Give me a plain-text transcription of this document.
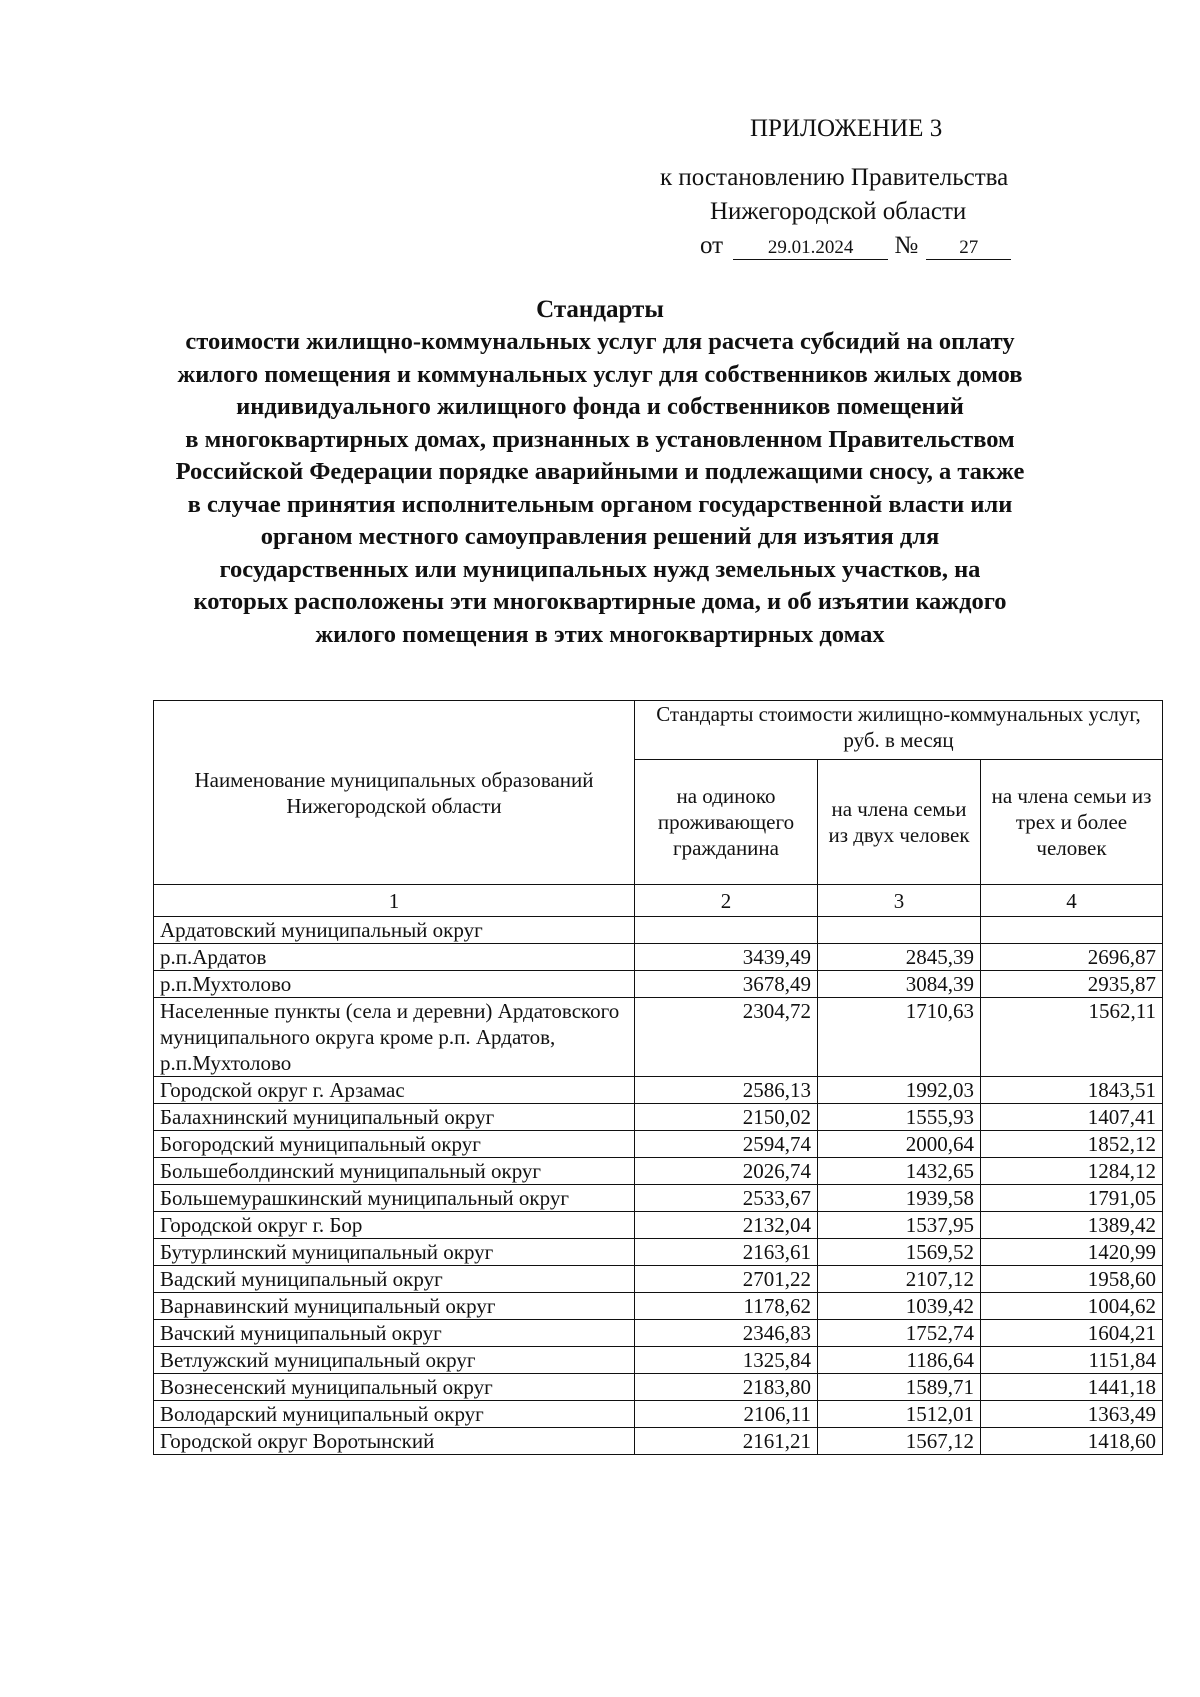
ПРИЛОЖЕНИЕ 3
к постановлению Правительства
Нижегородской области
от 29.01.2024 № 27
Стандарты
стоимости жилищно-коммунальных услуг для расчета субсидий на оплату
жилого помещения и коммунальных услуг для собственников жилых домов
индивидуального жилищного фонда и собственников помещений
в многоквартирных домах, признанных в установленном Правительством
Российской Федерации порядке аварийными и подлежащими сносу, а также
в случае принятия исполнительным органом государственной власти или
органом местного самоуправления решений для изъятия для
государственных или муниципальных нужд земельных участков, на
которых расположены эти многоквартирные дома, и об изъятии каждого
жилого помещения в этих многоквартирных домах
Наименование муниципальных образований Нижегородской области	Стандарты стоимости жилищно-коммунальных услуг, руб. в месяц		
	на одиноко проживающего гражданина	на члена семьи из двух человек	на члена семьи из трех и более человек
1	2	3	4
Ардатовский муниципальный округ			
р.п.Ардатов	3439,49	2845,39	2696,87
р.п.Мухтолово	3678,49	3084,39	2935,87
Населенные пункты (села и деревни) Ардатовского муниципального округа кроме р.п. Ардатов, р.п.Мухтолово	2304,72	1710,63	1562,11
Городской округ г. Арзамас	2586,13	1992,03	1843,51
Балахнинский муниципальный округ	2150,02	1555,93	1407,41
Богородский муниципальный округ	2594,74	2000,64	1852,12
Большеболдинский муниципальный округ	2026,74	1432,65	1284,12
Большемурашкинский муниципальный округ	2533,67	1939,58	1791,05
Городской округ г. Бор	2132,04	1537,95	1389,42
Бутурлинский муниципальный округ	2163,61	1569,52	1420,99
Вадский муниципальный округ	2701,22	2107,12	1958,60
Варнавинский муниципальный округ	1178,62	1039,42	1004,62
Вачский муниципальный округ	2346,83	1752,74	1604,21
Ветлужский муниципальный округ	1325,84	1186,64	1151,84
Вознесенский муниципальный округ	2183,80	1589,71	1441,18
Володарский муниципальный округ	2106,11	1512,01	1363,49
Городской округ Воротынский	2161,21	1567,12	1418,60
